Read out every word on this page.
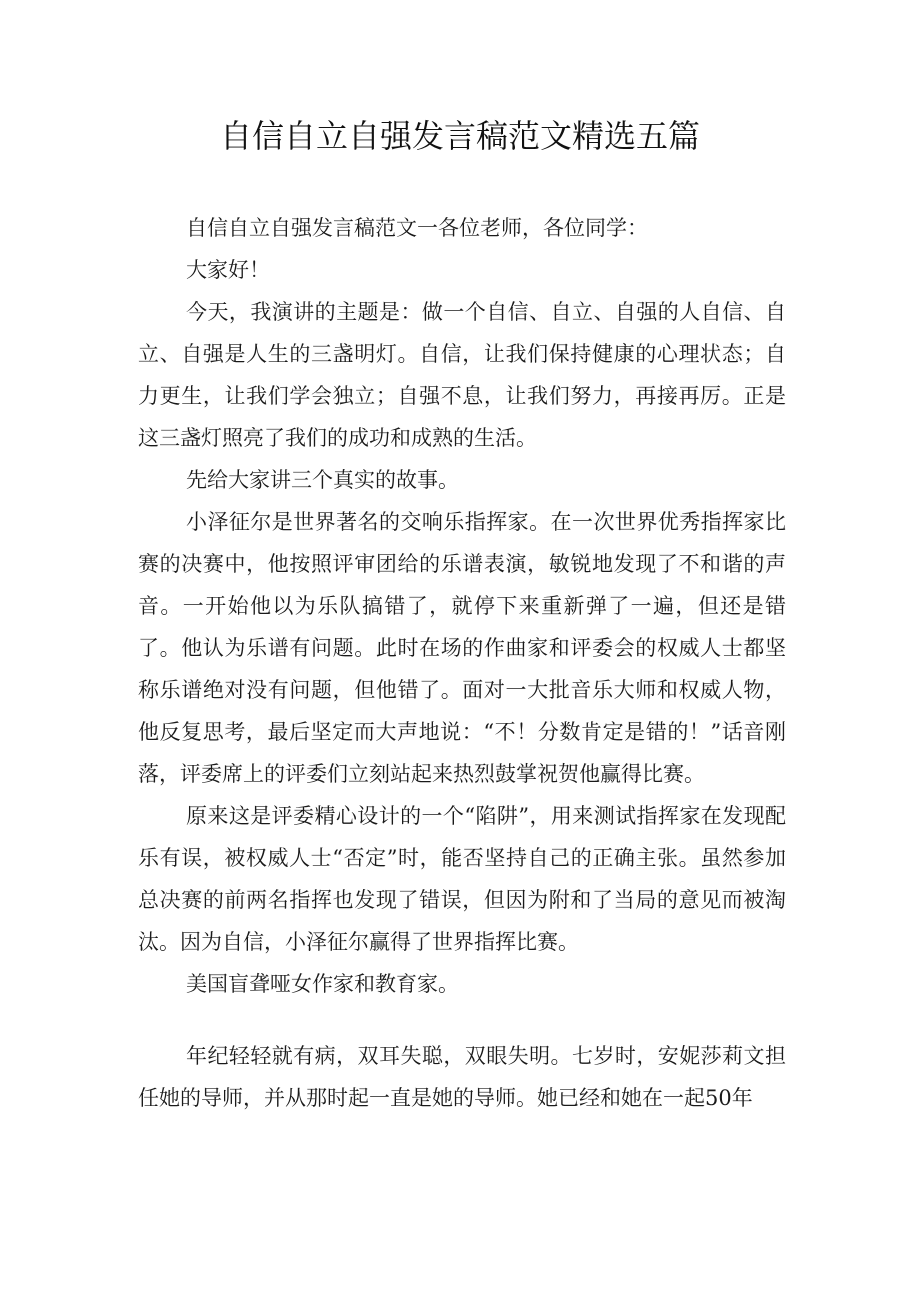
自信自立自强发言稿范文精选五篇

自信自立自强发言稿范文一各位老师，各位同学：

大家好！

今天，我演讲的主题是：做一个自信、自立、自强的人自信、自立、自强是人生的三盏明灯。自信，让我们保持健康的心理状态；自力更生，让我们学会独立；自强不息，让我们努力，再接再厉。正是这三盏灯照亮了我们的成功和成熟的生活。

先给大家讲三个真实的故事。

小泽征尔是世界著名的交响乐指挥家。在一次世界优秀指挥家比赛的决赛中，他按照评审团给的乐谱表演，敏锐地发现了不和谐的声音。一开始他以为乐队搞错了，就停下来重新弹了一遍，但还是错了。他认为乐谱有问题。此时在场的作曲家和评委会的权威人士都坚称乐谱绝对没有问题，但他错了。面对一大批音乐大师和权威人物，他反复思考，最后坚定而大声地说：“不！分数肯定是错的！”话音刚落，评委席上的评委们立刻站起来热烈鼓掌祝贺他赢得比赛。

原来这是评委精心设计的一个“陷阱”，用来测试指挥家在发现配乐有误，被权威人士“否定”时，能否坚持自己的正确主张。虽然参加总决赛的前两名指挥也发现了错误，但因为附和了当局的意见而被淘汰。因为自信，小泽征尔赢得了世界指挥比赛。

美国盲聋哑女作家和教育家。

年纪轻轻就有病，双耳失聪，双眼失明。七岁时，安妮莎莉文担任她的导师，并从那时起一直是她的导师。她已经和她在一起50年
